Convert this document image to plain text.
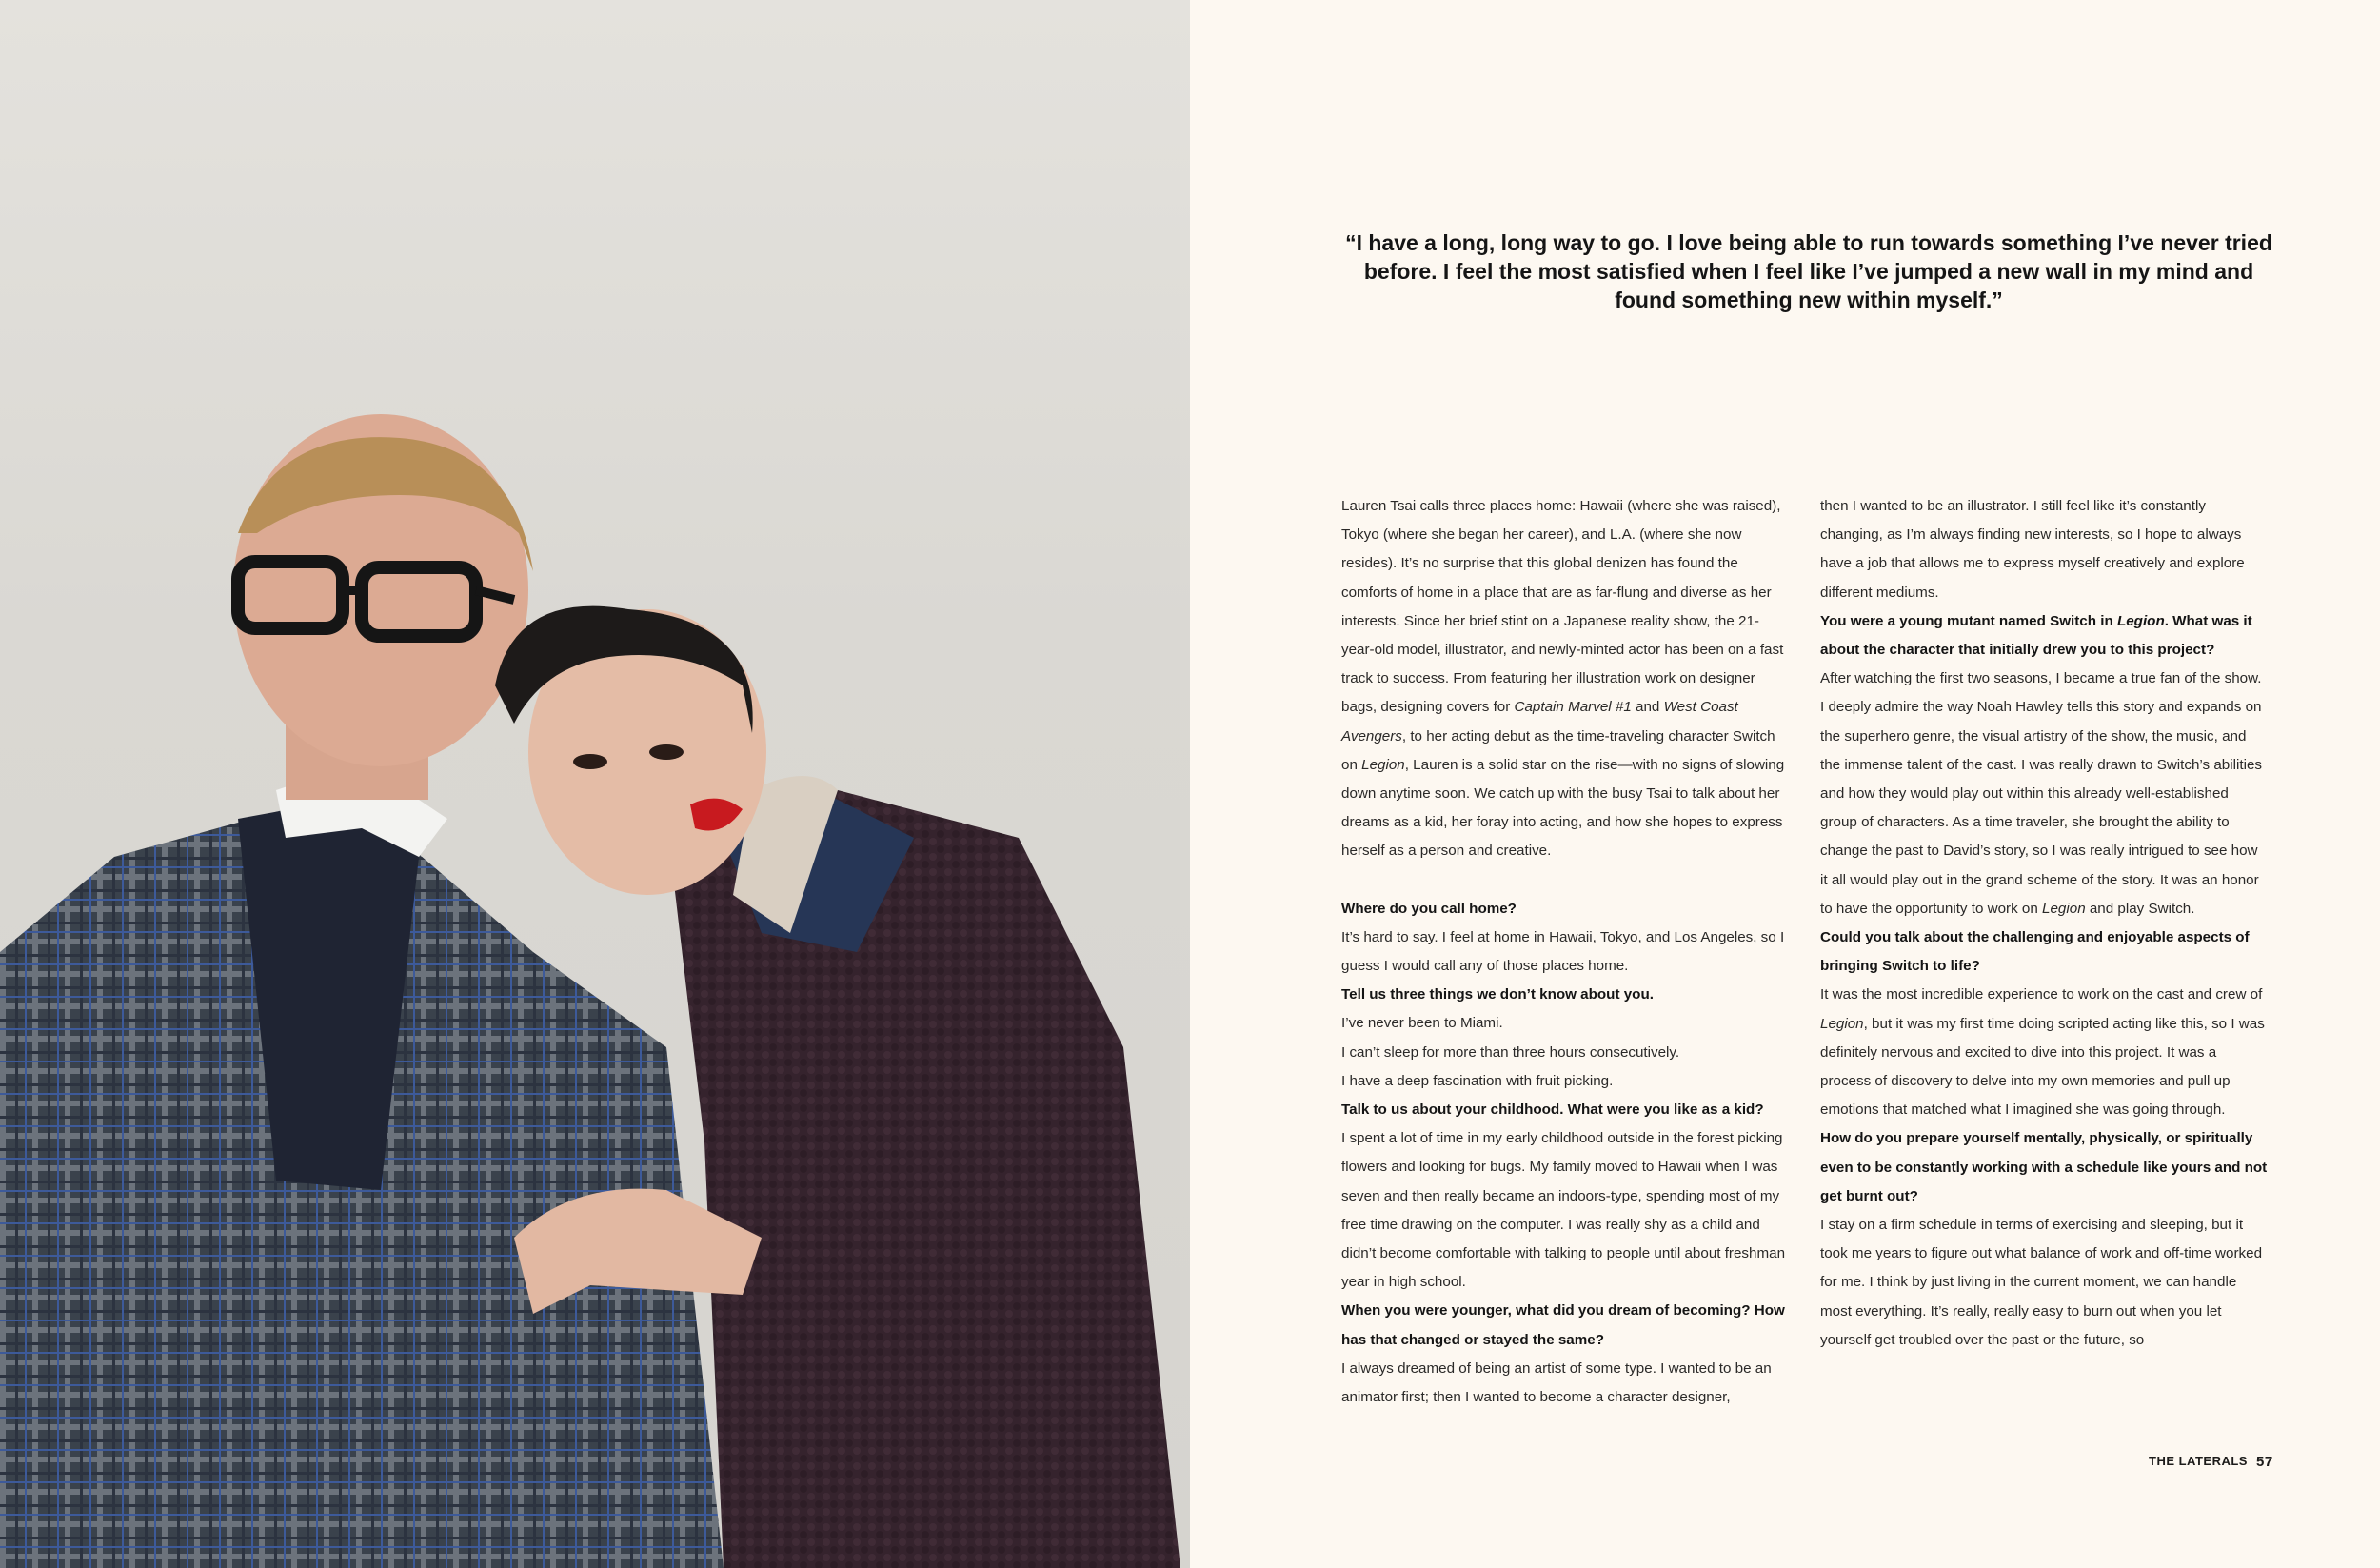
“I have a long, long way to go. I love being able to run towards something I’ve never tried before. I feel the most satisfied when I feel like I’ve jumped a new wall in my mind and found something new within myself.”

Lauren Tsai calls three places home: Hawaii (where she was raised), Tokyo (where she began her career), and L.A. (where she now resides). It’s no surprise that this global denizen has found the comforts of home in a place that are as far-flung and diverse as her interests. Since her brief stint on a Japanese reality show, the 21-year-old model, illustrator, and newly-minted actor has been on a fast track to success. From featuring her illustration work on designer bags, designing covers for Captain Marvel #1 and West Coast Avengers, to her acting debut as the time-traveling character Switch on Legion, Lauren is a solid star on the rise—with no signs of slowing down anytime soon. We catch up with the busy Tsai to talk about her dreams as a kid, her foray into acting, and how she hopes to express herself as a person and creative.

Where do you call home?

It’s hard to say. I feel at home in Hawaii, Tokyo, and Los Angeles, so I guess I would call any of those places home.

Tell us three things we don’t know about you.

I’ve never been to Miami.

I can’t sleep for more than three hours consecutively.

I have a deep fascination with fruit picking.

Talk to us about your childhood. What were you like as a kid?

I spent a lot of time in my early childhood outside in the forest picking flowers and looking for bugs. My family moved to Hawaii when I was seven and then really became an indoors-type, spending most of my free time drawing on the computer. I was really shy as a child and didn’t become comfortable with talking to people until about freshman year in high school.

When you were younger, what did you dream of becoming? How has that changed or stayed the same?

I always dreamed of being an artist of some type. I wanted to be an animator first; then I wanted to become a character designer,

then I wanted to be an illustrator. I still feel like it’s constantly changing, as I’m always finding new interests, so I hope to always have a job that allows me to express myself creatively and explore different mediums.

You were a young mutant named Switch in Legion. What was it about the character that initially drew you to this project?

After watching the first two seasons, I became a true fan of the show. I deeply admire the way Noah Hawley tells this story and expands on the superhero genre, the visual artistry of the show, the music, and the immense talent of the cast. I was really drawn to Switch’s abilities and how they would play out within this already well-established group of characters. As a time traveler, she brought the ability to change the past to David’s story, so I was really intrigued to see how it all would play out in the grand scheme of the story. It was an honor to have the opportunity to work on Legion and play Switch.

Could you talk about the challenging and enjoyable aspects of bringing Switch to life?

It was the most incredible experience to work on the cast and crew of Legion, but it was my first time doing scripted acting like this, so I was definitely nervous and excited to dive into this project. It was a process of discovery to delve into my own memories and pull up emotions that matched what I imagined she was going through.

How do you prepare yourself mentally, physically, or spiritually even to be constantly working with a schedule like yours and not get burnt out?

I stay on a firm schedule in terms of exercising and sleeping, but it took me years to figure out what balance of work and off-time worked for me. I think by just living in the current moment, we can handle most everything. It’s really, really easy to burn out when you let yourself get troubled over the past or the future, so

THE LATERALS 57
